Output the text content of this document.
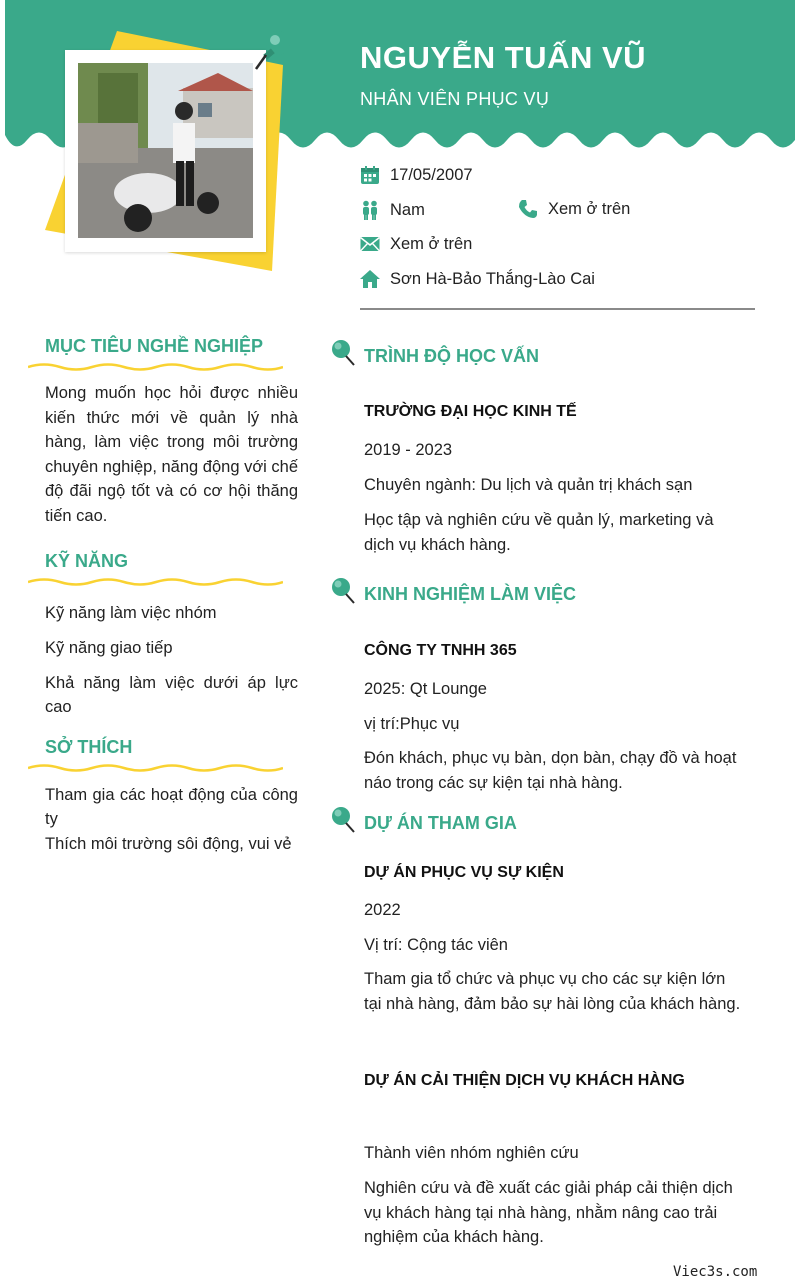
NGUYỄN TUẤN VŨ
NHÂN VIÊN PHỤC VỤ
17/05/2007
Nam	Xem ở trên
Xem ở trên
Sơn Hà-Bảo Thắng-Lào Cai
MỤC TIÊU NGHỀ NGHIỆP
Mong muốn học hỏi được nhiều kiến thức mới về quản lý nhà hàng, làm việc trong môi trường chuyên nghiệp, năng động với chế độ đãi ngộ tốt và có cơ hội thăng tiến cao.
KỸ NĂNG
Kỹ năng làm việc nhóm
Kỹ năng giao tiếp
Khả năng làm việc dưới áp lực cao
SỞ THÍCH
Tham gia các hoạt động của công ty
Thích môi trường sôi động, vui vẻ
TRÌNH ĐỘ HỌC VẤN
TRƯỜNG ĐẠI HỌC KINH TẾ
2019 - 2023
Chuyên ngành: Du lịch và quản trị khách sạn
Học tập và nghiên cứu về quản lý, marketing và dịch vụ khách hàng.
KINH NGHIỆM LÀM VIỆC
CÔNG TY TNHH 365
2025: Qt Lounge
vị trí:Phục vụ
Đón khách, phục vụ bàn, dọn bàn, chạy đồ và hoạt náo trong các sự kiện tại nhà hàng.
DỰ ÁN THAM GIA
DỰ ÁN PHỤC VỤ SỰ KIỆN
2022
Vị trí: Cộng tác viên
Tham gia tổ chức và phục vụ cho các sự kiện lớn tại nhà hàng, đảm bảo sự hài lòng của khách hàng.
DỰ ÁN CẢI THIỆN DỊCH VỤ KHÁCH HÀNG
Thành viên nhóm nghiên cứu
Nghiên cứu và đề xuất các giải pháp cải thiện dịch vụ khách hàng tại nhà hàng, nhằm nâng cao trải nghiệm của khách hàng.
Viec3s.com
